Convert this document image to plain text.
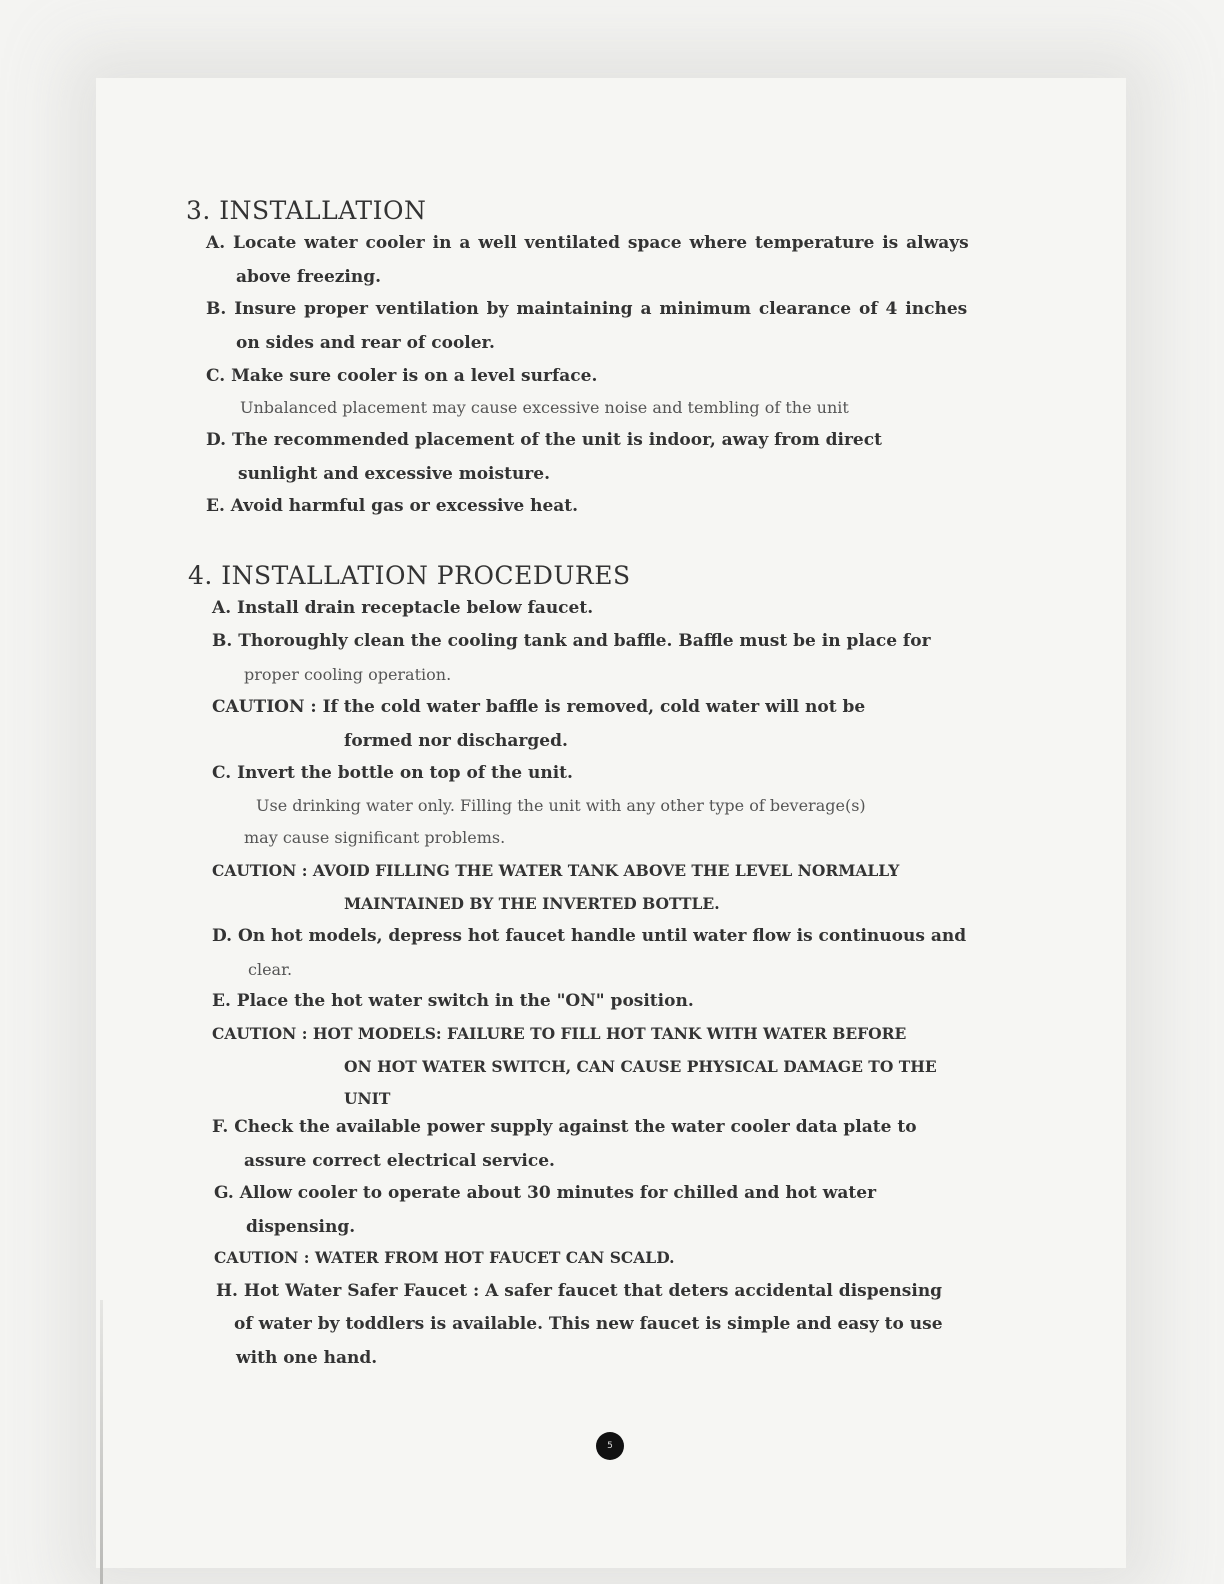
3. INSTALLATION
A. Locate water cooler in a well ventilated space where temperature is always
above freezing.
B. Insure proper ventilation by maintaining a minimum clearance of 4 inches
on sides and rear of cooler.
C. Make sure cooler is on a level surface.
Unbalanced placement may cause excessive noise and tembling of the unit
D. The recommended placement of the unit is indoor, away from direct
sunlight and excessive moisture.
E. Avoid harmful gas or excessive heat.
4. INSTALLATION PROCEDURES
A. Install drain receptacle below faucet.
B. Thoroughly clean the cooling tank and baffle. Baffle must be in place for
proper cooling operation.
CAUTION : If the cold water baffle is removed, cold water will not be
formed nor discharged.
C. Invert the bottle on top of the unit.
Use drinking water only. Filling the unit with any other type of beverage(s)
may cause significant problems.
CAUTION : AVOID FILLING THE WATER TANK ABOVE THE LEVEL NORMALLY
MAINTAINED BY THE INVERTED BOTTLE.
D. On hot models, depress hot faucet handle until water flow is continuous and
clear.
E. Place the hot water switch in the "ON" position.
CAUTION : HOT MODELS: FAILURE TO FILL HOT TANK WITH WATER BEFORE
ON HOT WATER SWITCH, CAN CAUSE PHYSICAL DAMAGE TO THE
UNIT
F. Check the available power supply against the water cooler data plate to
assure correct electrical service.
G. Allow cooler to operate about 30 minutes for chilled and hot water
dispensing.
CAUTION : WATER FROM HOT FAUCET CAN SCALD.
H. Hot Water Safer Faucet : A safer faucet that deters accidental dispensing
of water by toddlers is available. This new faucet is simple and easy to use
with one hand.
5
